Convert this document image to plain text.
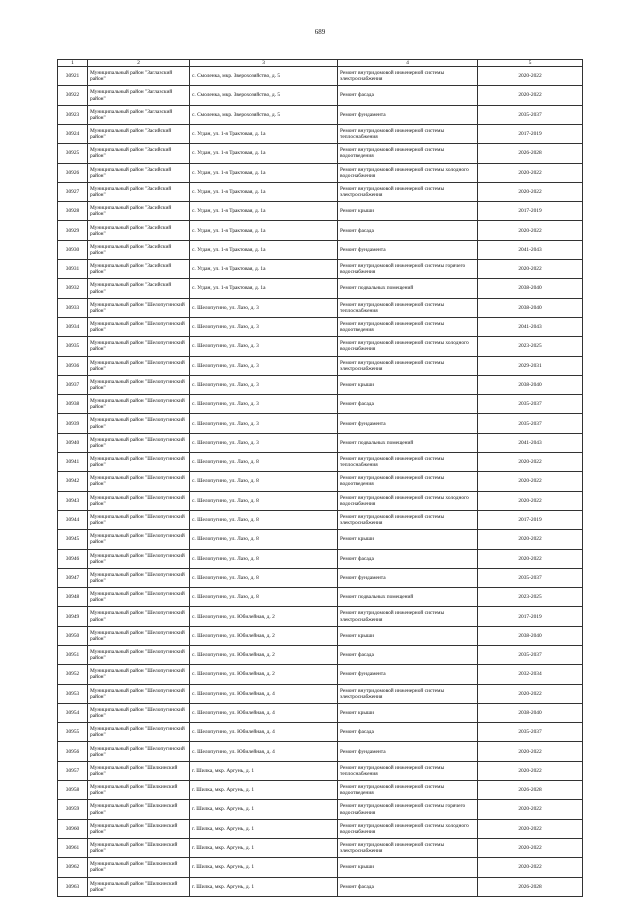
689
1	2	3	4	5
30921	Муниципальный район "Заглазский район"	с. Смоленка, мкр. Зверохозяйство, д. 5	Ремонт внутридомовой инженерной системы электроснабжения	2020-2022
30922	Муниципальный район "Заглазский район"	с. Смоленка, мкр. Зверохозяйство, д. 5	Ремонт фасада	2020-2022
30923	Муниципальный район "Заглазский район"	с. Смоленка, мкр. Зверохозяйство, д. 5	Ремонт фундамента	2035-2037
30924	Муниципальный район "Засийский район"	с. Угдан, ул. 1-я Трактовая, д. 1а	Ремонт внутридомовой инженерной системы теплоснабжения	2017-2019
30925	Муниципальный район "Засийский район"	с. Угдан, ул. 1-я Трактовая, д. 1а	Ремонт внутридомовой инженерной системы водоотведения	2026-2028
30926	Муниципальный район "Засийский район"	с. Угдан, ул. 1-я Трактовая, д. 1а	Ремонт внутридомовой инженерной системы холодного водоснабжения	2020-2022
30927	Муниципальный район "Засийский район"	с. Угдан, ул. 1-я Трактовая, д. 1а	Ремонт внутридомовой инженерной системы электроснабжения	2020-2022
30928	Муниципальный район "Засийский район"	с. Угдан, ул. 1-я Трактовая, д. 1а	Ремонт крыши	2017-2019
30929	Муниципальный район "Засийский район"	с. Угдан, ул. 1-я Трактовая, д. 1а	Ремонт фасада	2020-2022
30930	Муниципальный район "Засийский район"	с. Угдан, ул. 1-я Трактовая, д. 1а	Ремонт фундамента	2041-2043
30931	Муниципальный район "Засийский район"	с. Угдан, ул. 1-я Трактовая, д. 1а	Ремонт внутридомовой инженерной системы горячего водоснабжения	2020-2022
30932	Муниципальный район "Засийский район"	с. Угдан, ул. 1-я Трактовая, д. 1а	Ремонт подвальных помещений	2038-2040
30933	Муниципальный район "Шелопугинский район"	с. Шелопугино, ул. Лазо, д. 3	Ремонт внутридомовой инженерной системы теплоснабжения	2038-2040
30934	Муниципальный район "Шелопугинский район"	с. Шелопугино, ул. Лазо, д. 3	Ремонт внутридомовой инженерной системы водоотведения	2041-2043
30935	Муниципальный район "Шелопугинский район"	с. Шелопугино, ул. Лазо, д. 3	Ремонт внутридомовой инженерной системы холодного водоснабжения	2023-2025
30936	Муниципальный район "Шелопугинский район"	с. Шелопугино, ул. Лазо, д. 3	Ремонт внутридомовой инженерной системы электроснабжения	2029-2031
30937	Муниципальный район "Шелопугинский район"	с. Шелопугино, ул. Лазо, д. 3	Ремонт крыши	2038-2040
30938	Муниципальный район "Шелопугинский район"	с. Шелопугино, ул. Лазо, д. 3	Ремонт фасада	2035-2037
30939	Муниципальный район "Шелопугинский район"	с. Шелопугино, ул. Лазо, д. 3	Ремонт фундамента	2035-2037
30940	Муниципальный район "Шелопугинский район"	с. Шелопугино, ул. Лазо, д. 3	Ремонт подвальных помещений	2041-2043
30941	Муниципальный район "Шелопугинский район"	с. Шелопугино, ул. Лазо, д. 8	Ремонт внутридомовой инженерной системы теплоснабжения	2020-2022
30942	Муниципальный район "Шелопугинский район"	с. Шелопугино, ул. Лазо, д. 8	Ремонт внутридомовой инженерной системы водоотведения	2020-2022
30943	Муниципальный район "Шелопугинский район"	с. Шелопугино, ул. Лазо, д. 8	Ремонт внутридомовой инженерной системы холодного водоснабжения	2020-2022
30944	Муниципальный район "Шелопугинский район"	с. Шелопугино, ул. Лазо, д. 8	Ремонт внутридомовой инженерной системы электроснабжения	2017-2019
30945	Муниципальный район "Шелопугинский район"	с. Шелопугино, ул. Лазо, д. 8	Ремонт крыши	2020-2022
30946	Муниципальный район "Шелопугинский район"	с. Шелопугино, ул. Лазо, д. 8	Ремонт фасада	2020-2022
30947	Муниципальный район "Шелопугинский район"	с. Шелопугино, ул. Лазо, д. 8	Ремонт фундамента	2035-2037
30948	Муниципальный район "Шелопугинский район"	с. Шелопугино, ул. Лазо, д. 8	Ремонт подвальных помещений	2023-2025
30949	Муниципальный район "Шелопугинский район"	с. Шелопугино, ул. Юбилейная, д. 2	Ремонт внутридомовой инженерной системы электроснабжения	2017-2019
30950	Муниципальный район "Шелопугинский район"	с. Шелопугино, ул. Юбилейная, д. 2	Ремонт крыши	2038-2040
30951	Муниципальный район "Шелопугинский район"	с. Шелопугино, ул. Юбилейная, д. 2	Ремонт фасада	2035-2037
30952	Муниципальный район "Шелопугинский район"	с. Шелопугино, ул. Юбилейная, д. 2	Ремонт фундамента	2032-2034
30953	Муниципальный район "Шелопугинский район"	с. Шелопугино, ул. Юбилейная, д. 4	Ремонт внутридомовой инженерной системы электроснабжения	2020-2022
30954	Муниципальный район "Шелопугинский район"	с. Шелопугино, ул. Юбилейная, д. 4	Ремонт крыши	2038-2040
30955	Муниципальный район "Шелопугинский район"	с. Шелопугино, ул. Юбилейная, д. 4	Ремонт фасада	2035-2037
30956	Муниципальный район "Шелопугинский район"	с. Шелопугино, ул. Юбилейная, д. 4	Ремонт фундамента	2020-2022
30957	Муниципальный район "Шилкинский район"	г. Шилка, мкр. Аргунь, д. 1	Ремонт внутридомовой инженерной системы теплоснабжения	2020-2022
30958	Муниципальный район "Шилкинский район"	г. Шилка, мкр. Аргунь, д. 1	Ремонт внутридомовой инженерной системы водоотведения	2026-2028
30959	Муниципальный район "Шилкинский район"	г. Шилка, мкр. Аргунь, д. 1	Ремонт внутридомовой инженерной системы горячего водоснабжения	2020-2022
30960	Муниципальный район "Шилкинский район"	г. Шилка, мкр. Аргунь, д. 1	Ремонт внутридомовой инженерной системы холодного водоснабжения	2020-2022
30961	Муниципальный район "Шилкинский район"	г. Шилка, мкр. Аргунь, д. 1	Ремонт внутридомовой инженерной системы электроснабжения	2020-2022
30962	Муниципальный район "Шилкинский район"	г. Шилка, мкр. Аргунь, д. 1	Ремонт крыши	2020-2022
30963	Муниципальный район "Шилкинский район"	г. Шилка, мкр. Аргунь, д. 1	Ремонт фасада	2026-2028
